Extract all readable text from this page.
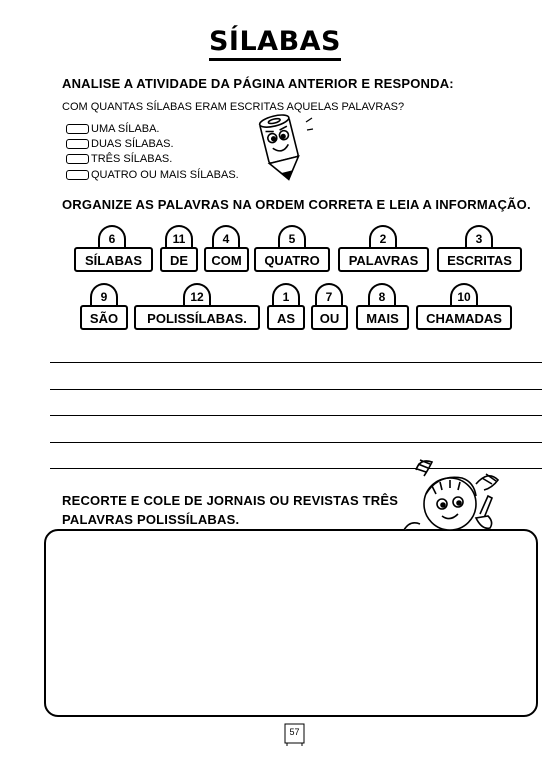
SÍLABAS
ANALISE A ATIVIDADE DA PÁGINA ANTERIOR E RESPONDA:
COM QUANTAS SÍLABAS ERAM ESCRITAS AQUELAS PALAVRAS?
UMA SÍLABA.
DUAS SÍLABAS.
TRÊS SÍLABAS.
QUATRO OU MAIS SÍLABAS.
ORGANIZE AS PALAVRAS NA ORDEM CORRETA E LEIA A INFORMAÇÃO.
6
SÍLABAS
11
DE
4
COM
5
QUATRO
2
PALAVRAS
3
ESCRITAS
9
SÃO
12
POLISSÍLABAS.
1
AS
7
OU
8
MAIS
10
CHAMADAS
RECORTE E COLE DE JORNAIS OU REVISTAS TRÊS
PALAVRAS POLISSÍLABAS.
57
